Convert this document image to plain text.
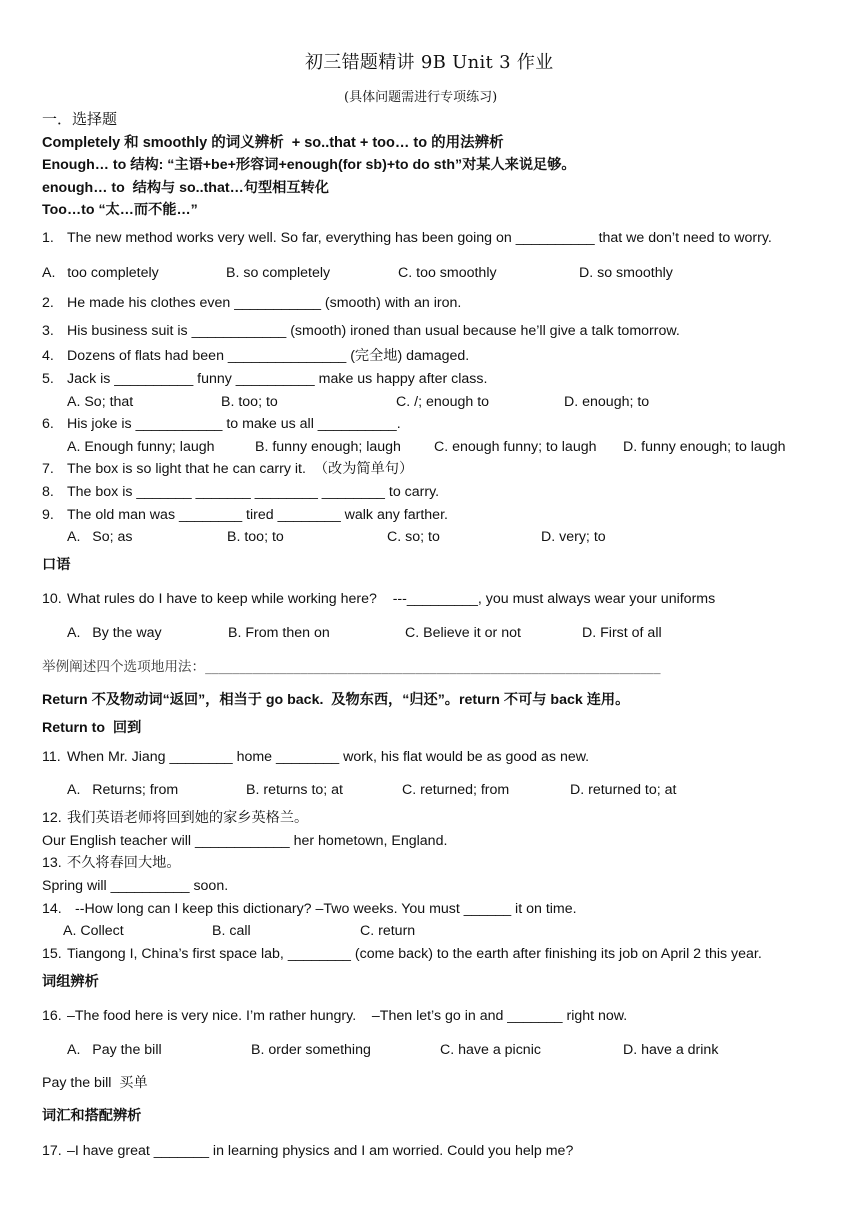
初三错题精讲 9B Unit 3 作业
(具体问题需进行专项练习)
一．选择题
Completely 和 smoothly 的词义辨析  + so..that + too… to 的用法辨析
Enough… to 结构: “主语+be+形容词+enough(for sb)+to do sth”对某人来说足够。
enough… to  结构与 so..that…句型相互转化
Too…to “太…而不能…”
1. The new method works very well. So far, everything has been going on __________ that we don’t need to worry.
A.   too completely	B. so completely	C. too smoothly	D. so smoothly
2. He made his clothes even ___________ (smooth) with an iron.
3. His business suit is ____________ (smooth) ironed than usual because he’ll give a talk tomorrow.
4. Dozens of flats had been _______________ (完全地) damaged.
5. Jack is __________ funny __________ make us happy after class.
A. So; that	B. too; to	C. /; enough to	D. enough; to
6. His joke is ___________ to make us all __________.
A. Enough funny; laugh	B. funny enough; laugh C. enough funny; to laugh D. funny enough; to laugh
7. The box is so light that he can carry it.  （改为简单句）
8. The box is _______ _______ ________ ________ to carry.
9. The old man was ________ tired ________ walk any farther.
A.   So; as	B. too; to	C. so; to	D. very; to
口语
10. What rules do I have to keep while working here?    ---_________, you must always wear your uniforms
A.   By the way	B. From then on	C. Believe it or not	D. First of all
举例阐述四个选项地用法：___________________________________________________________________
Return 不及物动词“返回”，相当于 go back.  及物东西，“归还”。return 不可与 back 连用。
Return to  回到
11. When Mr. Jiang ________ home ________ work, his flat would be as good as new.
A.   Returns; from	B. returns to; at	C. returned; from	D. returned to; at
12. 我们英语老师将回到她的家乡英格兰。
Our English teacher will ____________ her hometown, England.
13. 不久将春回大地。
Spring will __________ soon.
14. --How long can I keep this dictionary? –Two weeks. You must ______ it on time.
A. Collect	B. call	C. return
15. Tiangong I, China’s first space lab, ________ (come back) to the earth after finishing its job on April 2 this year.
词组辨析
16. –The food here is very nice. I’m rather hungry.    –Then let’s go in and _______ right now.
A.   Pay the bill	B. order something	C. have a picnic	D. have a drink
Pay the bill  买单
词汇和搭配辨析
17. –I have great _______ in learning physics and I am worried. Could you help me?
